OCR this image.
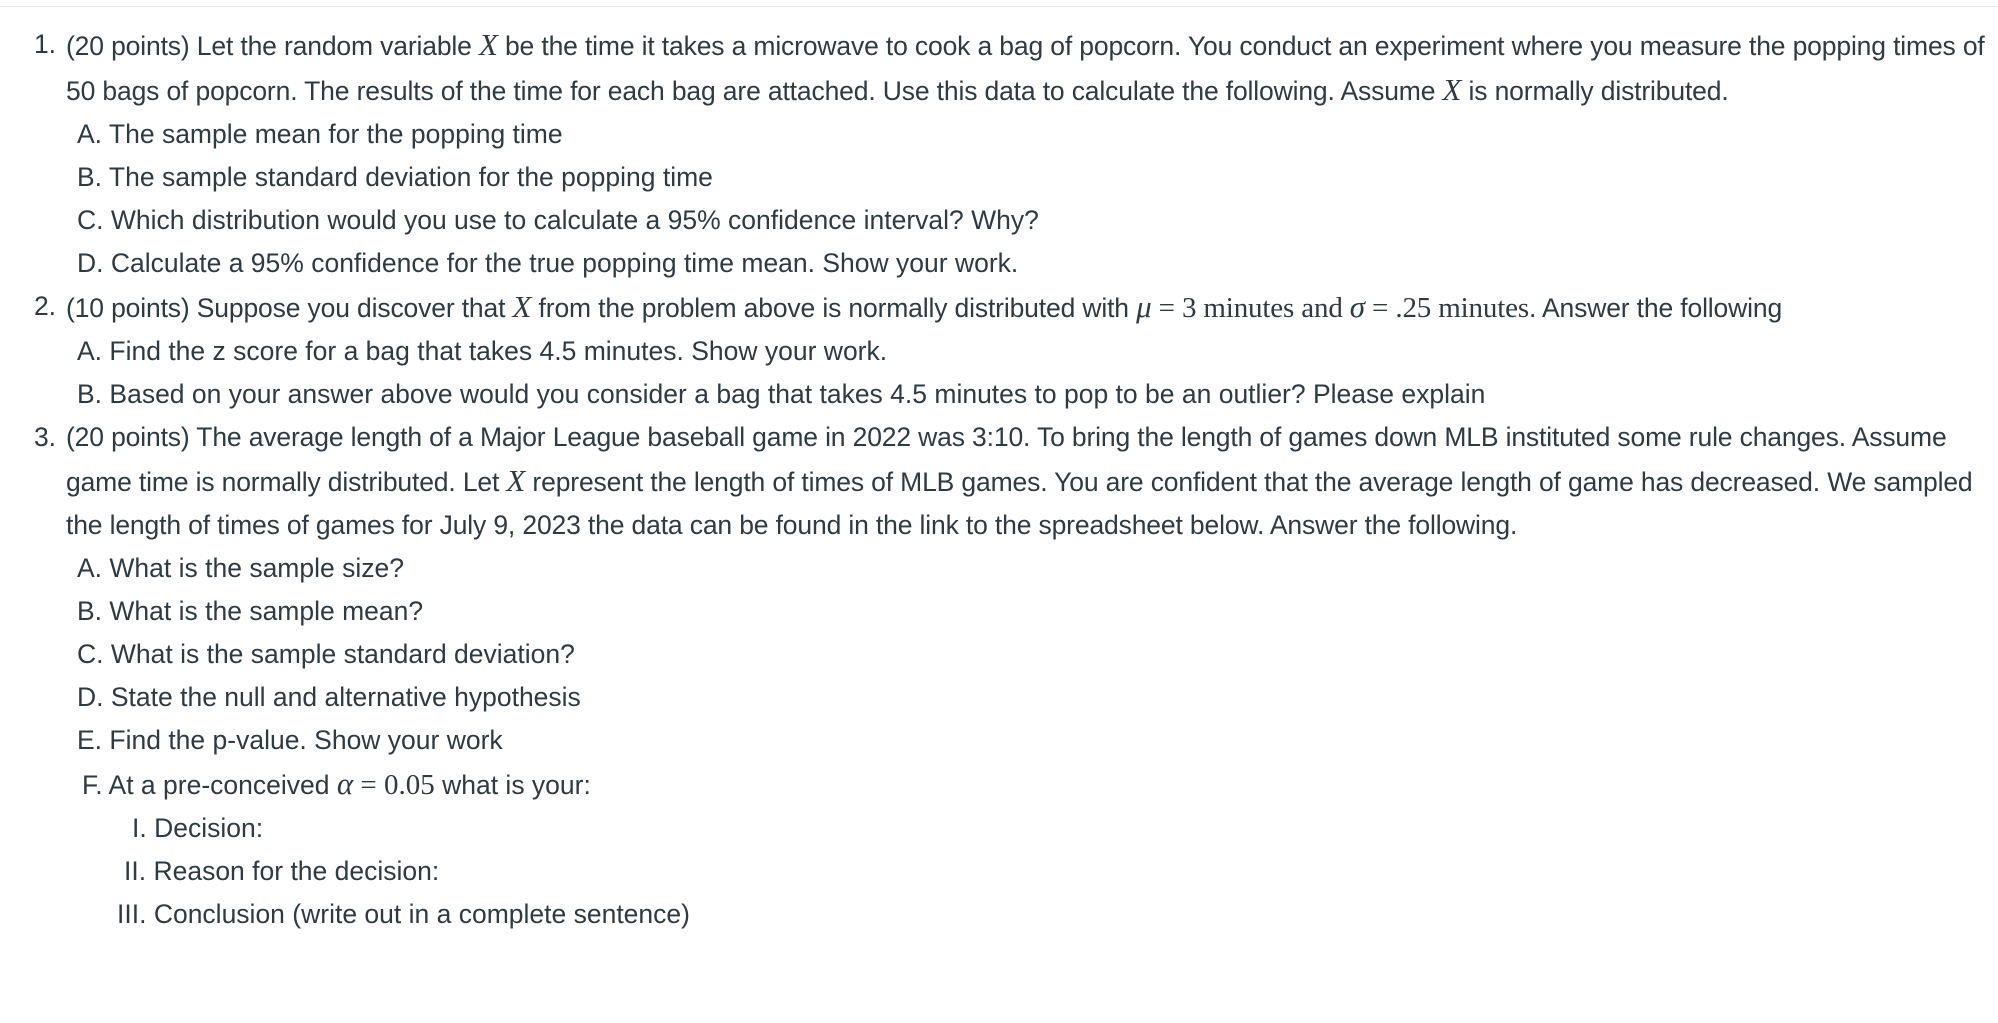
1. (20 points) Let the random variable X be the time it takes a microwave to cook a bag of popcorn. You conduct an experiment where you measure the popping times of 50 bags of popcorn. The results of the time for each bag are attached. Use this data to calculate the following. Assume X is normally distributed.
A. The sample mean for the popping time
B. The sample standard deviation for the popping time
C. Which distribution would you use to calculate a 95% confidence interval? Why?
D. Calculate a 95% confidence for the true popping time mean. Show your work.
2. (10 points) Suppose you discover that X from the problem above is normally distributed with μ = 3 minutes and σ = .25 minutes. Answer the following
A. Find the z score for a bag that takes 4.5 minutes. Show your work.
B. Based on your answer above would you consider a bag that takes 4.5 minutes to pop to be an outlier? Please explain
3. (20 points) The average length of a Major League baseball game in 2022 was 3:10. To bring the length of games down MLB instituted some rule changes. Assume game time is normally distributed. Let X represent the length of times of MLB games. You are confident that the average length of game has decreased. We sampled the length of times of games for July 9, 2023 the data can be found in the link to the spreadsheet below. Answer the following.
A. What is the sample size?
B. What is the sample mean?
C. What is the sample standard deviation?
D. State the null and alternative hypothesis
E. Find the p-value. Show your work
F. At a pre-conceived α = 0.05 what is your:
I. Decision:
II. Reason for the decision:
III. Conclusion (write out in a complete sentence)
